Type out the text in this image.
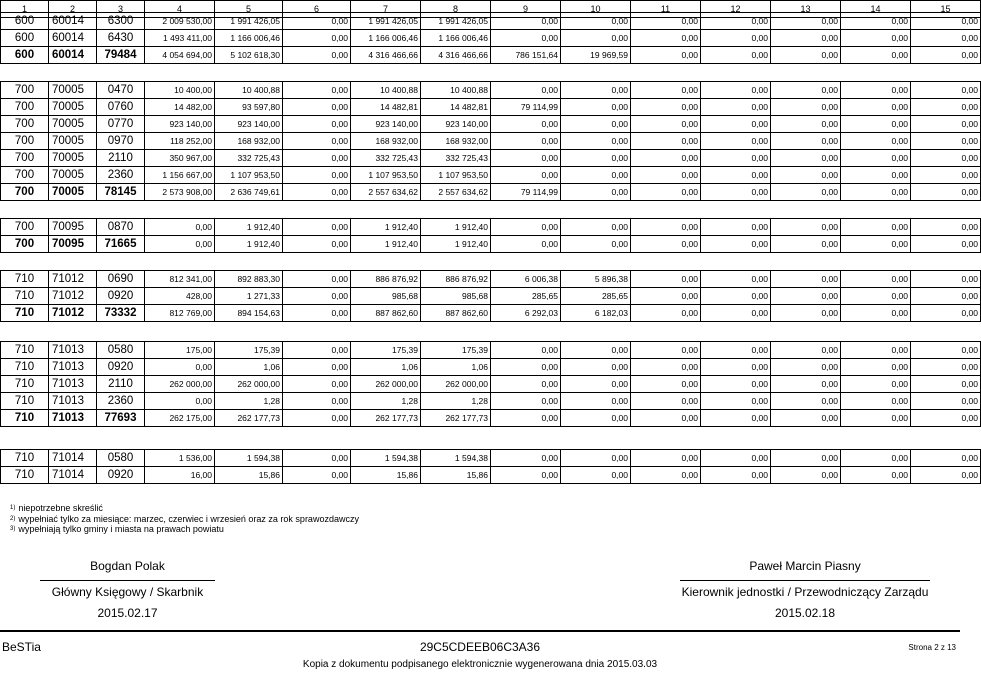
1	2	3	4	5	6	7	8	9	10	11	12	13	14	15
600	60014	6300	2 009 530,00	1 991 426,05	0,00	1 991 426,05	1 991 426,05	0,00	0,00	0,00	0,00	0,00	0,00	0,00
600	60014	6430	1 493 411,00	1 166 006,46	0,00	1 166 006,46	1 166 006,46	0,00	0,00	0,00	0,00	0,00	0,00	0,00
600	60014	79484	4 054 694,00	5 102 618,30	0,00	4 316 466,66	4 316 466,66	786 151,64	19 969,59	0,00	0,00	0,00	0,00	0,00
700	70005	0470	10 400,00	10 400,88	0,00	10 400,88	10 400,88	0,00	0,00	0,00	0,00	0,00	0,00	0,00
700	70005	0760	14 482,00	93 597,80	0,00	14 482,81	14 482,81	79 114,99	0,00	0,00	0,00	0,00	0,00	0,00
700	70005	0770	923 140,00	923 140,00	0,00	923 140,00	923 140,00	0,00	0,00	0,00	0,00	0,00	0,00	0,00
700	70005	0970	118 252,00	168 932,00	0,00	168 932,00	168 932,00	0,00	0,00	0,00	0,00	0,00	0,00	0,00
700	70005	2110	350 967,00	332 725,43	0,00	332 725,43	332 725,43	0,00	0,00	0,00	0,00	0,00	0,00	0,00
700	70005	2360	1 156 667,00	1 107 953,50	0,00	1 107 953,50	1 107 953,50	0,00	0,00	0,00	0,00	0,00	0,00	0,00
700	70005	78145	2 573 908,00	2 636 749,61	0,00	2 557 634,62	2 557 634,62	79 114,99	0,00	0,00	0,00	0,00	0,00	0,00
700	70095	0870	0,00	1 912,40	0,00	1 912,40	1 912,40	0,00	0,00	0,00	0,00	0,00	0,00	0,00
700	70095	71665	0,00	1 912,40	0,00	1 912,40	1 912,40	0,00	0,00	0,00	0,00	0,00	0,00	0,00
710	71012	0690	812 341,00	892 883,30	0,00	886 876,92	886 876,92	6 006,38	5 896,38	0,00	0,00	0,00	0,00	0,00
710	71012	0920	428,00	1 271,33	0,00	985,68	985,68	285,65	285,65	0,00	0,00	0,00	0,00	0,00
710	71012	73332	812 769,00	894 154,63	0,00	887 862,60	887 862,60	6 292,03	6 182,03	0,00	0,00	0,00	0,00	0,00
710	71013	0580	175,00	175,39	0,00	175,39	175,39	0,00	0,00	0,00	0,00	0,00	0,00	0,00
710	71013	0920	0,00	1,06	0,00	1,06	1,06	0,00	0,00	0,00	0,00	0,00	0,00	0,00
710	71013	2110	262 000,00	262 000,00	0,00	262 000,00	262 000,00	0,00	0,00	0,00	0,00	0,00	0,00	0,00
710	71013	2360	0,00	1,28	0,00	1,28	1,28	0,00	0,00	0,00	0,00	0,00	0,00	0,00
710	71013	77693	262 175,00	262 177,73	0,00	262 177,73	262 177,73	0,00	0,00	0,00	0,00	0,00	0,00	0,00
710	71014	0580	1 536,00	1 594,38	0,00	1 594,38	1 594,38	0,00	0,00	0,00	0,00	0,00	0,00	0,00
710	71014	0920	16,00	15,86	0,00	15,86	15,86	0,00	0,00	0,00	0,00	0,00	0,00	0,00
$^{1)}$ niepotrzebne skreślić
$^{2)}$ wypełniać tylko za miesiące: marzec, czerwiec i wrzesień oraz za rok sprawozdawczy
$^{3)}$ wypełniają tylko gminy i miasta na prawach powiatu
Bogdan Polak
Główny Księgowy / Skarbnik
2015.02.17
Paweł Marcin Piasny
Kierownik jednostki / Przewodniczący Zarządu
2015.02.18
BeSTia	29C5CDEEB06C3A36	Strona 2 z 13
Kopia z dokumentu podpisanego elektronicznie wygenerowana dnia 2015.03.03
